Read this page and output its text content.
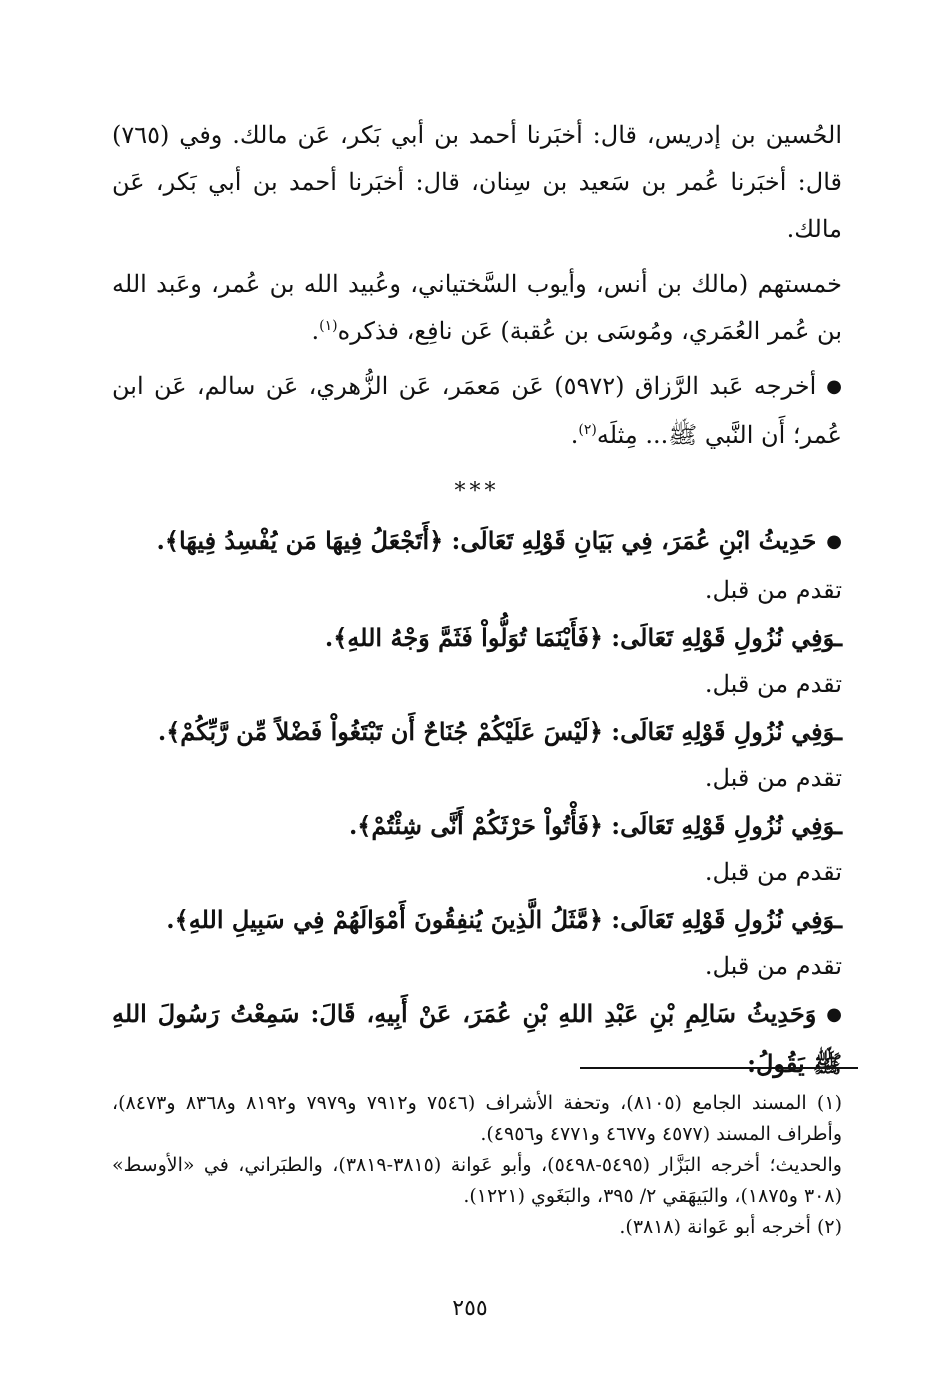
الحُسين بن إدريس، قال: أخبَرنا أحمد بن أبي بَكر، عَن مالك. وفي (٧٦٥) قال: أخبَرنا عُمر بن سَعيد بن سِنان، قال: أخبَرنا أحمد بن أبي بَكر، عَن مالك.

خمستهم (مالك بن أنس، وأيوب السَّختياني، وعُبيد الله بن عُمر، وعَبد الله بن عُمر العُمَري، ومُوسَى بن عُقبة) عَن نافِع، فذكره$^{(١)}$.

●أخرجه عَبد الرَّزاق (٥٩٧٢) عَن مَعمَر، عَن الزُّهري، عَن سالم، عَن ابن عُمر؛ أَن النَّبي ﷺ... مِثلَه$^{(٢)}$.

***

●حَدِيثُ ابْنِ عُمَرَ، فِي بَيَانِ قَوْلِهِ تَعَالَى: ﴿أَتَجْعَلُ فِيهَا مَن يُفْسِدُ فِيهَا﴾.

تقدم من قبل.

ـوَفِي نُزُولِ قَوْلِهِ تَعَالَى: ﴿فَأَيْنَمَا تُوَلُّواْ فَثَمَّ وَجْهُ اللهِ﴾.

تقدم من قبل.

ـوَفِي نُزُولِ قَوْلِهِ تَعَالَى: ﴿لَيْسَ عَلَيْكُمْ جُنَاحٌ أَن تَبْتَغُواْ فَضْلاً مِّن رَّبِّكُمْ﴾.

تقدم من قبل.

ـوَفِي نُزُولِ قَوْلِهِ تَعَالَى: ﴿فَأْتُواْ حَرْثَكُمْ أَنَّى شِئْتُمْ﴾.

تقدم من قبل.

ـوَفِي نُزُولِ قَوْلِهِ تَعَالَى: ﴿مَّثَلُ الَّذِينَ يُنفِقُونَ أَمْوَالَهُمْ فِي سَبِيلِ اللهِ﴾.

تقدم من قبل.

●وَحَدِيثُ سَالِمِ بْنِ عَبْدِ اللهِ بْنِ عُمَرَ، عَنْ أَبِيهِ، قَالَ: سَمِعْتُ رَسُولَ اللهِ ﷺ يَقُولُ:

(١) المسند الجامع (٨١٠٥)، وتحفة الأشراف (٧٥٤٦ و٧٩١٢ و٧٩٧٩ و٨١٩٢ و٨٣٦٨ و٨٤٧٣)، وأطراف المسند (٤٥٧٧ و٤٦٧٧ و٤٧٧١ و٤٩٥٦).

والحديث؛ أخرجه البَزَّار (٥٤٩٥-٥٤٩٨)، وأبو عَوانة (٣٨١٥-٣٨١٩)، والطبَراني، في «الأوسط» (٣٠٨ و١٨٧٥)، والبَيهَقي ٢/ ٣٩٥، والبَغَوي (١٢٢١).

(٢) أخرجه أبو عَوانة (٣٨١٨).

٢٥٥
